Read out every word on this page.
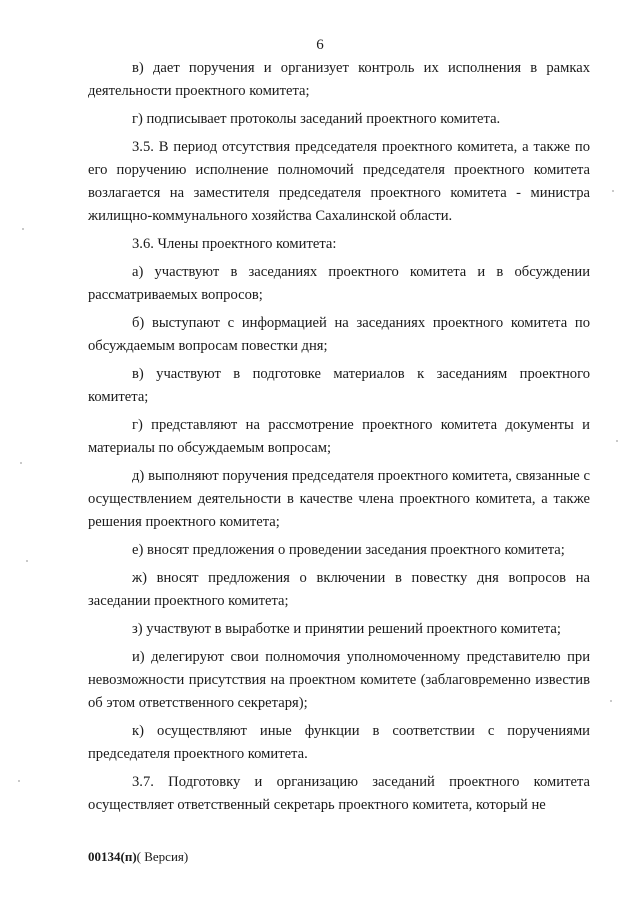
6

в) дает поручения и организует контроль их исполнения в рамках деятельности проектного комитета;

г) подписывает протоколы заседаний проектного комитета.

3.5. В период отсутствия председателя проектного комитета, а также по его поручению исполнение полномочий председателя проектного комитета возлагается на заместителя председателя проектного комитета - министра жилищно-коммунального хозяйства Сахалинской области.

3.6. Члены проектного комитета:

а) участвуют в заседаниях проектного комитета и в обсуждении рассматриваемых вопросов;

б) выступают с информацией на заседаниях проектного комитета по обсуждаемым вопросам повестки дня;

в) участвуют в подготовке материалов к заседаниям проектного комитета;

г) представляют на рассмотрение проектного комитета документы и материалы по обсуждаемым вопросам;

д) выполняют поручения председателя проектного комитета, связанные с осуществлением деятельности в качестве члена проектного комитета, а также решения проектного комитета;

е) вносят предложения о проведении заседания проектного комитета;

ж) вносят предложения о включении в повестку дня вопросов на заседании проектного комитета;

з) участвуют в выработке и принятии решений проектного комитета;

и) делегируют свои полномочия уполномоченному представителю при невозможности присутствия на проектном комитете (заблаговременно известив об этом ответственного секретаря);

к) осуществляют иные функции в соответствии с поручениями председателя проектного комитета.

3.7. Подготовку и организацию заседаний проектного комитета осуществляет ответственный секретарь проектного комитета, который не

00134(п)( Версия)
